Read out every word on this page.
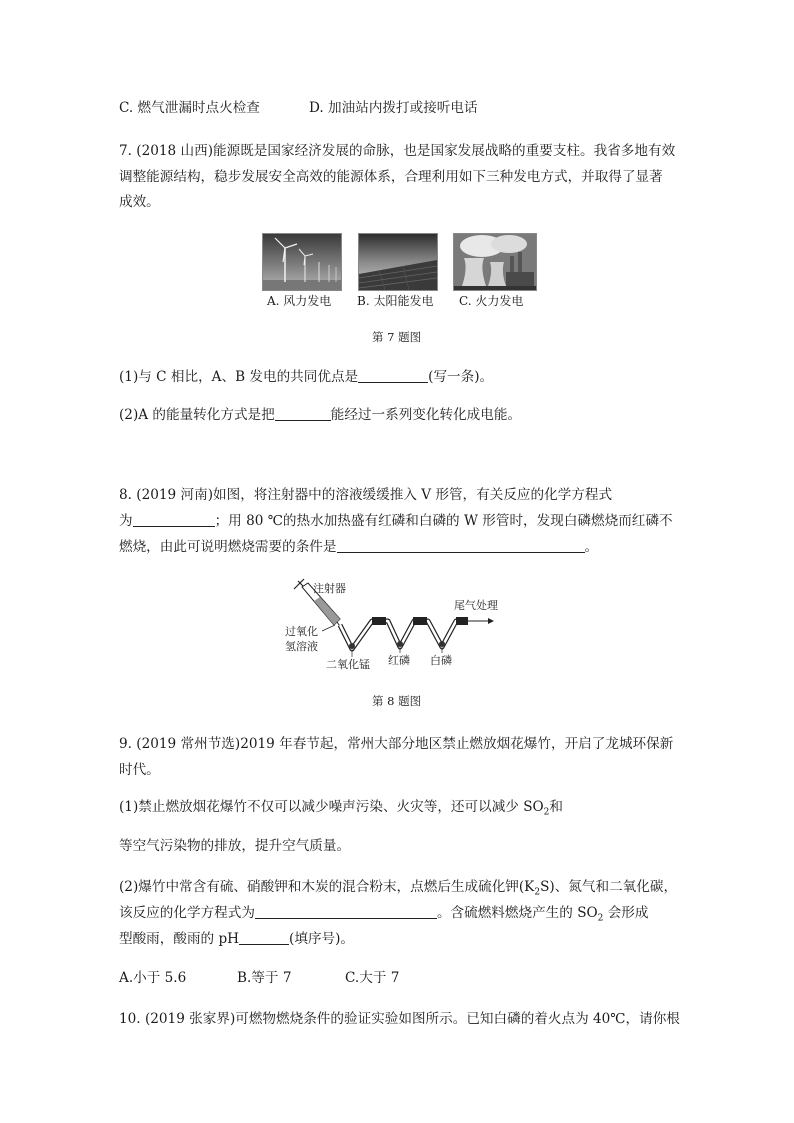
C. 燃气泄漏时点火检查	D. 加油站内拨打或接听电话
7. (2018 山西)能源既是国家经济发展的命脉，也是国家发展战略的重要支柱。我省多地有效
调整能源结构，稳步发展安全高效的能源体系，合理利用如下三种发电方式，并取得了显著
成效。
A. 风力发电 B. 太阳能发电 C. 火力发电
第 7 题图
(1)与 C 相比，A、B 发电的共同优点是	(写一条)。
(2)A 的能量转化方式是把	能经过一系列变化转化成电能。
8. (2019 河南)如图，将注射器中的溶液缓缓推入 V 形管，有关反应的化学方程式
为	；用 80 ℃的热水加热盛有红磷和白磷的 W 形管时，发现白磷燃烧而红磷不
燃烧，由此可说明燃烧需要的条件是	。
注射器
尾气处理
过氧化
氢溶液
二氧化锰 红磷 白磷
第 8 题图
9. (2019 常州节选)2019 年春节起，常州大部分地区禁止燃放烟花爆竹，开启了龙城环保新
时代。
(1)禁止燃放烟花爆竹不仅可以减少噪声污染、火灾等，还可以减少 $SO_2$和
等空气污染物的排放，提升空气质量。
(2)爆竹中常含有硫、硝酸钾和木炭的混合粉末，点燃后生成硫化钾$(K_2S)$、氮气和二氧化碳，
该反应的化学方程式为	。含硫燃料燃烧产生的 $SO_2$ 会形成
型酸雨，酸雨的 pH	(填序号)。
A.小于 5.6	B.等于 7	C.大于 7
10. (2019 张家界)可燃物燃烧条件的验证实验如图所示。已知白磷的着火点为 40℃，请你根
